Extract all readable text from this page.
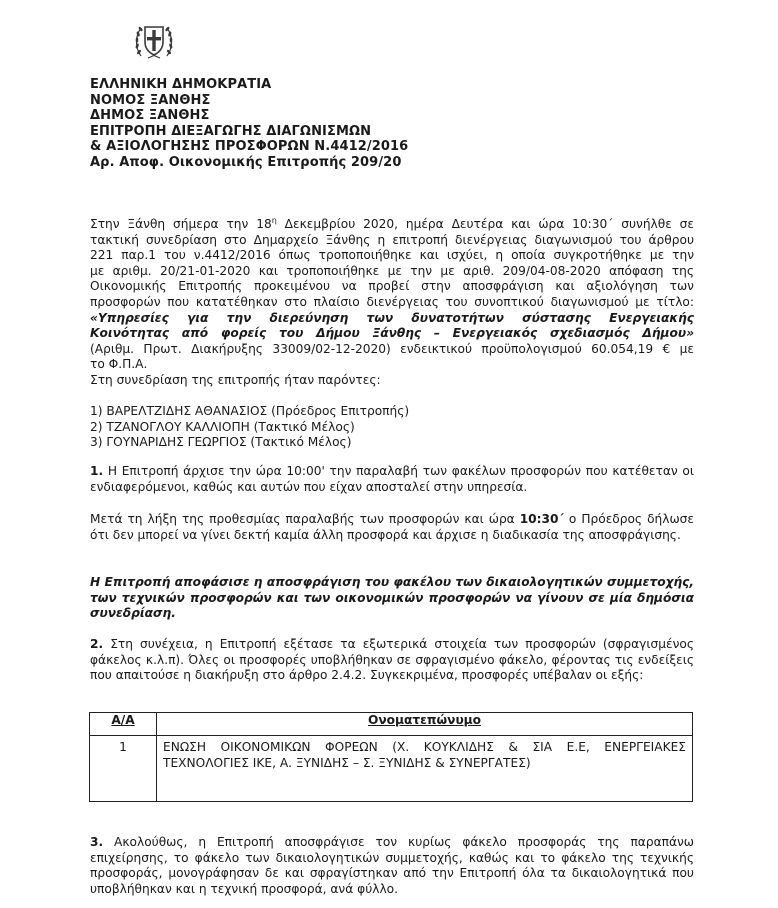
ΕΛΛΗΝΙΚΗ ΔΗΜΟΚΡΑΤΙΑ
ΝΟΜΟΣ ΞΑΝΘΗΣ
ΔΗΜΟΣ ΞΑΝΘΗΣ
ΕΠΙΤΡΟΠΗ ΔΙΕΞΑΓΩΓΗΣ ΔΙΑΓΩΝΙΣΜΩΝ
& ΑΞΙΟΛΟΓΗΣΗΣ ΠΡΟΣΦΟΡΩΝ Ν.4412/2016
Αρ. Αποφ. Οικονομικής Επιτροπής 209/20
Στην Ξάνθη σήμερα την $18^\eta$ Δεκεμβρίου 2020, ημέρα Δευτέρα και ώρα 10:30΄ συνήλθε σε
τακτική συνεδρίαση στο Δημαρχείο Ξάνθης η επιτροπή διενέργειας διαγωνισμού του άρθρου
221 παρ.1 του ν.4412/2016 όπως τροποποιήθηκε και ισχύει, η οποία συγκροτήθηκε με την
με αριθμ. 20/21-01-2020 και τροποποιήθηκε με την με αριθ. 209/04-08-2020 απόφαση της
Οικονομικής Επιτροπής προκειμένου να προβεί στην αποσφράγιση και αξιολόγηση των
προσφορών που κατατέθηκαν στο πλαίσιο διενέργειας του συνοπτικού διαγωνισμού με τίτλο:
«Υπηρεσίες για την διερεύνηση των δυνατοτήτων σύστασης Ενεργειακής
Κοινότητας από φορείς του Δήμου Ξάνθης – Ενεργειακός σχεδιασμός Δήμου»
(Αριθμ. Πρωτ. Διακήρυξης 33009/02-12-2020) ενδεικτικού προϋπολογισμού 60.054,19 € με
το Φ.Π.Α.
Στη συνεδρίαση της επιτροπής ήταν παρόντες:
1) ΒΑΡΕΛΤΖΙΔΗΣ ΑΘΑΝΑΣΙΟΣ (Πρόεδρος Επιτροπής)
2) ΤΖΑΝΟΓΛΟΥ ΚΑΛΛΙΟΠΗ (Τακτικό Μέλος)
3) ΓΟΥΝΑΡΙΔΗΣ ΓΕΩΡΓΙΟΣ (Τακτικό Μέλος)
1. Η Επιτροπή άρχισε την ώρα 10:00' την παραλαβή των φακέλων προσφορών που κατέθεταν οι ενδιαφερόμενοι, καθώς και αυτών που είχαν αποσταλεί στην υπηρεσία.
Μετά τη λήξη της προθεσμίας παραλαβής των προσφορών και ώρα 10:30΄ ο Πρόεδρος δήλωσε ότι δεν μπορεί να γίνει δεκτή καμία άλλη προσφορά και άρχισε η διαδικασία της αποσφράγισης.
Η Επιτροπή αποφάσισε η αποσφράγιση του φακέλου των δικαιολογητικών συμμετοχής, των τεχνικών προσφορών και των οικονομικών προσφορών να γίνουν σε μία δημόσια συνεδρίαση.
2. Στη συνέχεια, η Επιτροπή εξέτασε τα εξωτερικά στοιχεία των προσφορών (σφραγισμένος φάκελος κ.λ.π). Όλες οι προσφορές υποβλήθηκαν σε σφραγισμένο φάκελο, φέροντας τις ενδείξεις που απαιτούσε η διακήρυξη στο άρθρο 2.4.2. Συγκεκριμένα, προσφορές υπέβαλαν οι εξής:
Α/Α	Ονοματεπώνυμο
1	ΕΝΩΣΗ ΟΙΚΟΝΟΜΙΚΩΝ ΦΟΡΕΩΝ (Χ. ΚΟΥΚΛΙΔΗΣ & ΣΙΑ Ε.Ε, ΕΝΕΡΓΕΙΑΚΕΣ ΤΕΧΝΟΛΟΓΙΕΣ ΙΚΕ, Α. ΞΥΝΙΔΗΣ – Σ. ΞΥΝΙΔΗΣ & ΣΥΝΕΡΓΑΤΕΣ)
3. Ακολούθως, η Επιτροπή αποσφράγισε τον κυρίως φάκελο προσφοράς της παραπάνω επιχείρησης, το φάκελο των δικαιολογητικών συμμετοχής, καθώς και το φάκελο της τεχνικής προσφοράς, μονογράφησαν δε και σφραγίστηκαν από την Επιτροπή όλα τα δικαιολογητικά που υποβλήθηκαν και η τεχνική προσφορά, ανά φύλλο.
